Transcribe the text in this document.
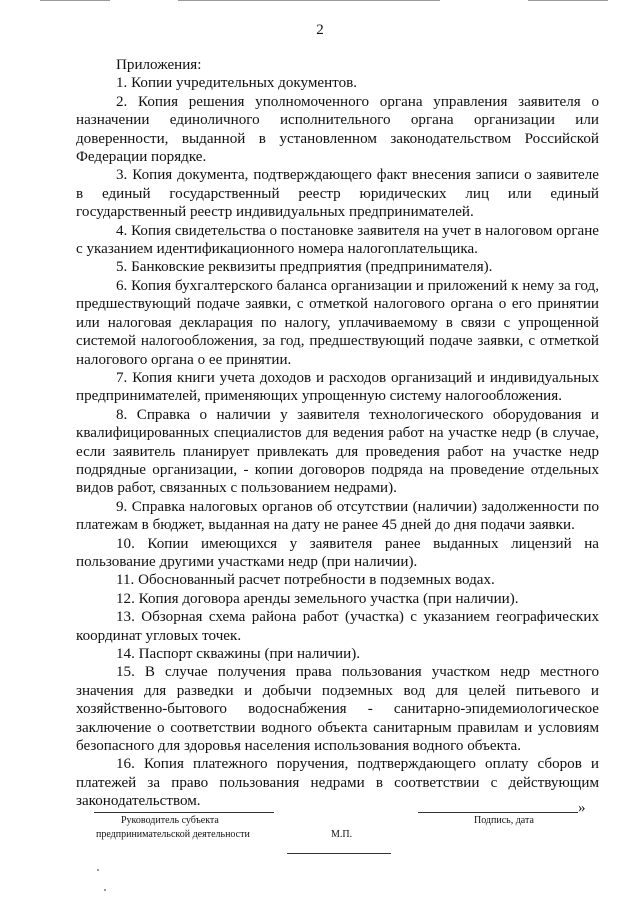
2

Приложения:

1. Копии учредительных документов.

2. Копия решения уполномоченного органа управления заявителя о назначении единоличного исполнительного органа организации или доверенности, выданной в установленном законодательством Российской Федерации порядке.

3. Копия документа, подтверждающего факт внесения записи о заявителе в единый государственный реестр юридических лиц или единый государственный реестр индивидуальных предпринимателей.

4. Копия свидетельства о постановке заявителя на учет в налоговом органе с указанием идентификационного номера налогоплательщика.

5. Банковские реквизиты предприятия (предпринимателя).

6. Копия бухгалтерского баланса организации и приложений к нему за год, предшествующий подаче заявки, с отметкой налогового органа о его принятии или налоговая декларация по налогу, уплачиваемому в связи с упрощенной системой налогообложения, за год, предшествующий подаче заявки, с отметкой налогового органа о ее принятии.

7. Копия книги учета доходов и расходов организаций и индивидуальных предпринимателей, применяющих упрощенную систему налогообложения.

8. Справка о наличии у заявителя технологического оборудования и квалифицированных специалистов для ведения работ на участке недр (в случае, если заявитель планирует привлекать для проведения работ на участке недр подрядные организации, - копии договоров подряда на проведение отдельных видов работ, связанных с пользованием недрами).

9. Справка налоговых органов об отсутствии (наличии) задолженности по платежам в бюджет, выданная на дату не ранее 45 дней до дня подачи заявки.

10. Копии имеющихся у заявителя ранее выданных лицензий на пользование другими участками недр (при наличии).

11. Обоснованный расчет потребности в подземных водах.

12. Копия договора аренды земельного участка (при наличии).

13. Обзорная схема района работ (участка) с указанием географических координат угловых точек.

14. Паспорт скважины (при наличии).

15. В случае получения права пользования участком недр местного значения для разведки и добычи подземных вод для целей питьевого и хозяйственно-бытового водоснабжения - санитарно-эпидемиологическое заключение о соответствии водного объекта санитарным правилам и условиям безопасного для здоровья населения использования водного объекта.

16. Копия платежного поручения, подтверждающего оплату сборов и платежей за право пользования недрами в соответствии с действующим законодательством.

Руководитель субъекта
предпринимательской деятельности	М.П.
»
Подпись, дата
